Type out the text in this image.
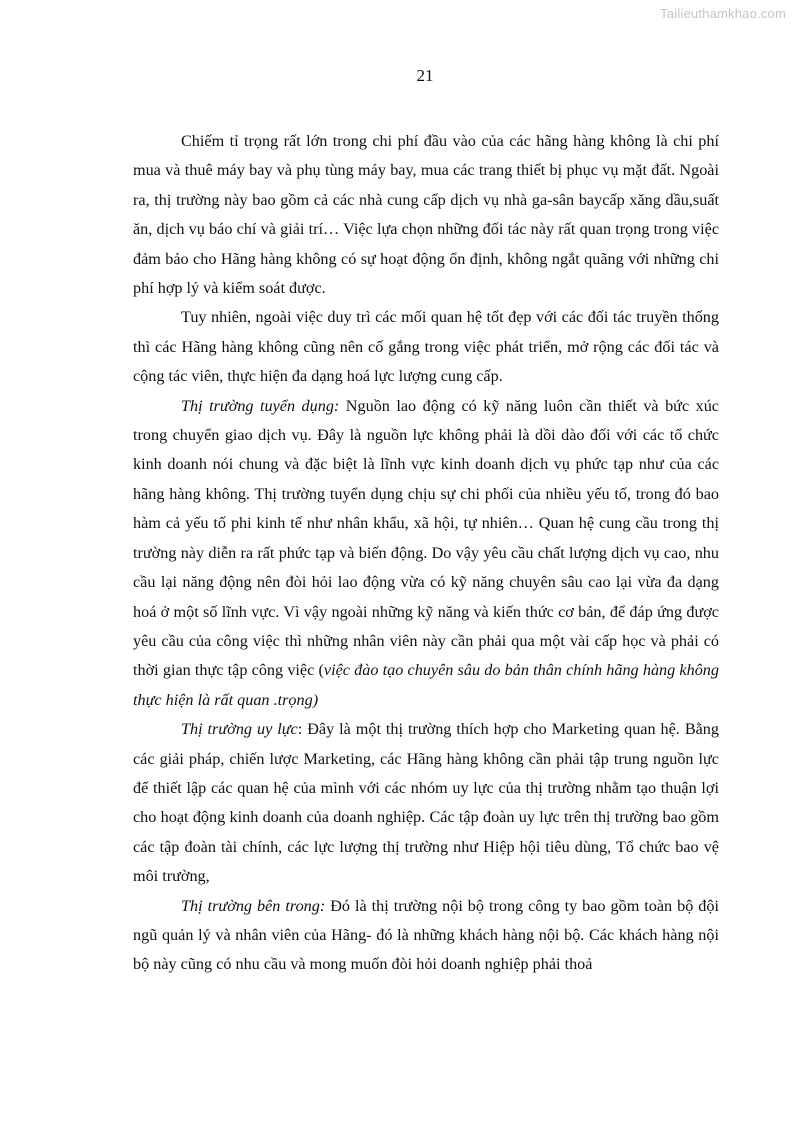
Tailieuthamkhao.com
21

Chiếm tỉ trọng rất lớn trong chi phí đầu vào của các hãng hàng không là chi phí mua và thuê máy bay và phụ tùng máy bay, mua các trang thiết bị phục vụ mặt đất. Ngoài ra, thị trường này bao gồm cả các nhà cung cấp dịch vụ nhà ga-sân baycấp xăng dầu,suất ăn, dịch vụ báo chí và giải trí… Việc lựa chọn những đối tác này rất quan trọng trong việc đảm bảo cho Hãng hàng không có sự hoạt động ổn định, không ngắt quãng với những chi phí hợp lý và kiểm soát được.

Tuy nhiên, ngoài việc duy trì các mối quan hệ tốt đẹp với các đối tác truyền thống thì các Hãng hàng không cũng nên cố gắng trong việc phát triển, mở rộng các đối tác và cộng tác viên, thực hiện đa dạng hoá lực lượng cung cấp.

Thị trường tuyển dụng: Nguồn lao động có kỹ năng luôn cần thiết và bức xúc trong chuyển giao dịch vụ. Đây là nguồn lực không phải là dồi dào đối với các tổ chức kinh doanh nói chung và đặc biệt là lĩnh vực kinh doanh dịch vụ phức tạp như của các hãng hàng không. Thị trường tuyển dụng chịu sự chi phối của nhiều yếu tố, trong đó bao hàm cả yếu tố phi kinh tế như nhân khẩu, xã hội, tự nhiên… Quan hệ cung cầu trong thị trường này diễn ra rất phức tạp và biến động. Do vậy yêu cầu chất lượng dịch vụ cao, nhu cầu lại năng động nên đòi hỏi lao động vừa có kỹ năng chuyên sâu cao lại vừa đa dạng hoá ở một số lĩnh vực. Vì vậy ngoài những kỹ năng và kiến thức cơ bản, để đáp ứng được yêu cầu của công việc thì những nhân viên này cần phải qua một vài cấp học và phải có thời gian thực tập công việc (việc đào tạo chuyên sâu do bản thân chính hãng hàng không thực hiện là rất quan .trọng)

Thị trường uy lực: Đây là một thị trường thích hợp cho Marketing quan hệ. Bằng các giải pháp, chiến lược Marketing, các Hãng hàng không cần phải tập trung nguồn lực để thiết lập các quan hệ của mình với các nhóm uy lực của thị trường nhằm tạo thuận lợi cho hoạt động kinh doanh của doanh nghiệp. Các tập đoàn uy lực trên thị trường bao gồm các tập đoàn tài chính, các lực lượng thị trường như Hiệp hội tiêu dùng, Tổ chức bao vệ môi trường,

Thị trường bên trong: Đó là thị trường nội bộ trong công ty bao gồm toàn bộ đội ngũ quản lý và nhân viên của Hãng- đó là những khách hàng nội bộ. Các khách hàng nội bộ này cũng có nhu cầu và mong muốn đòi hỏi doanh nghiệp phải thoả
